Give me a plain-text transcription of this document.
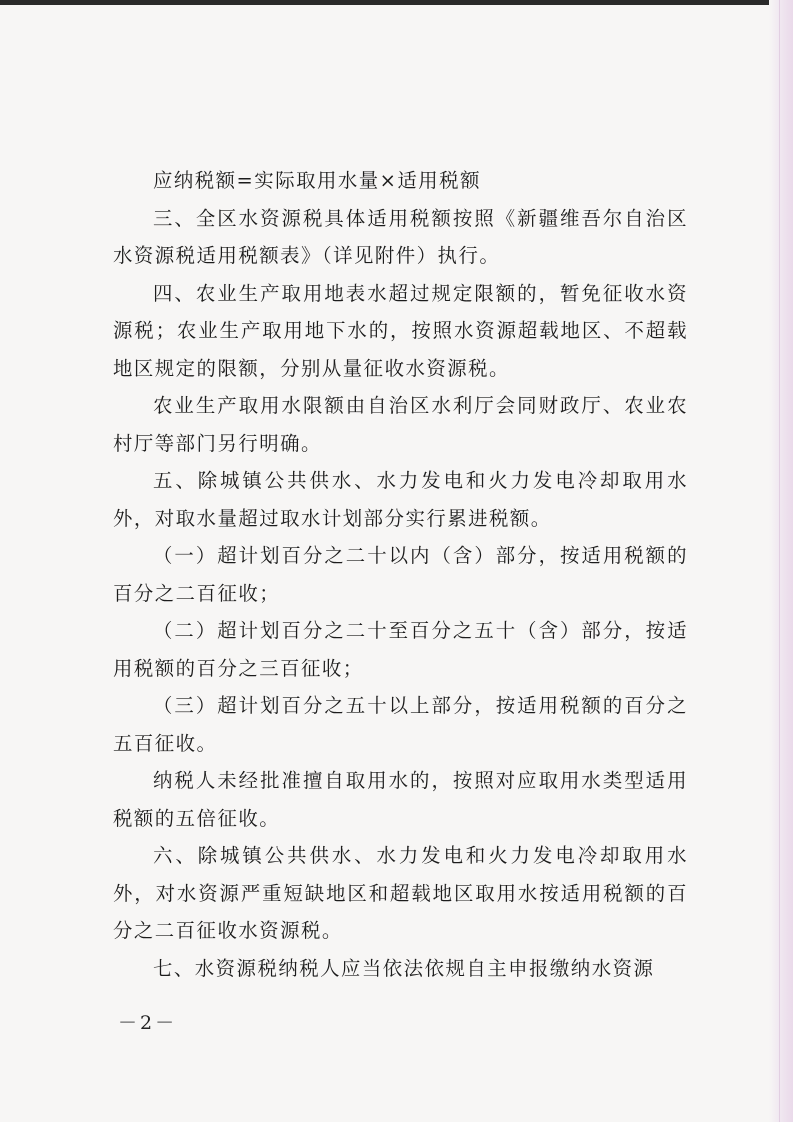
应纳税额=实际取用水量×适用税额
三、全区水资源税具体适用税额按照《新疆维吾尔自治区
水资源税适用税额表》（详见附件）执行。
四、农业生产取用地表水超过规定限额的，暂免征收水资
源税；农业生产取用地下水的，按照水资源超载地区、不超载
地区规定的限额，分别从量征收水资源税。
农业生产取用水限额由自治区水利厅会同财政厅、农业农
村厅等部门另行明确。
五、除城镇公共供水、水力发电和火力发电冷却取用水
外，对取水量超过取水计划部分实行累进税额。
（一）超计划百分之二十以内（含）部分，按适用税额的
百分之二百征收；
（二）超计划百分之二十至百分之五十（含）部分，按适
用税额的百分之三百征收；
（三）超计划百分之五十以上部分，按适用税额的百分之
五百征收。
纳税人未经批准擅自取用水的，按照对应取用水类型适用
税额的五倍征收。
六、除城镇公共供水、水力发电和火力发电冷却取用水
外，对水资源严重短缺地区和超载地区取用水按适用税额的百
分之二百征收水资源税。
七、水资源税纳税人应当依法依规自主申报缴纳水资源
－2－
